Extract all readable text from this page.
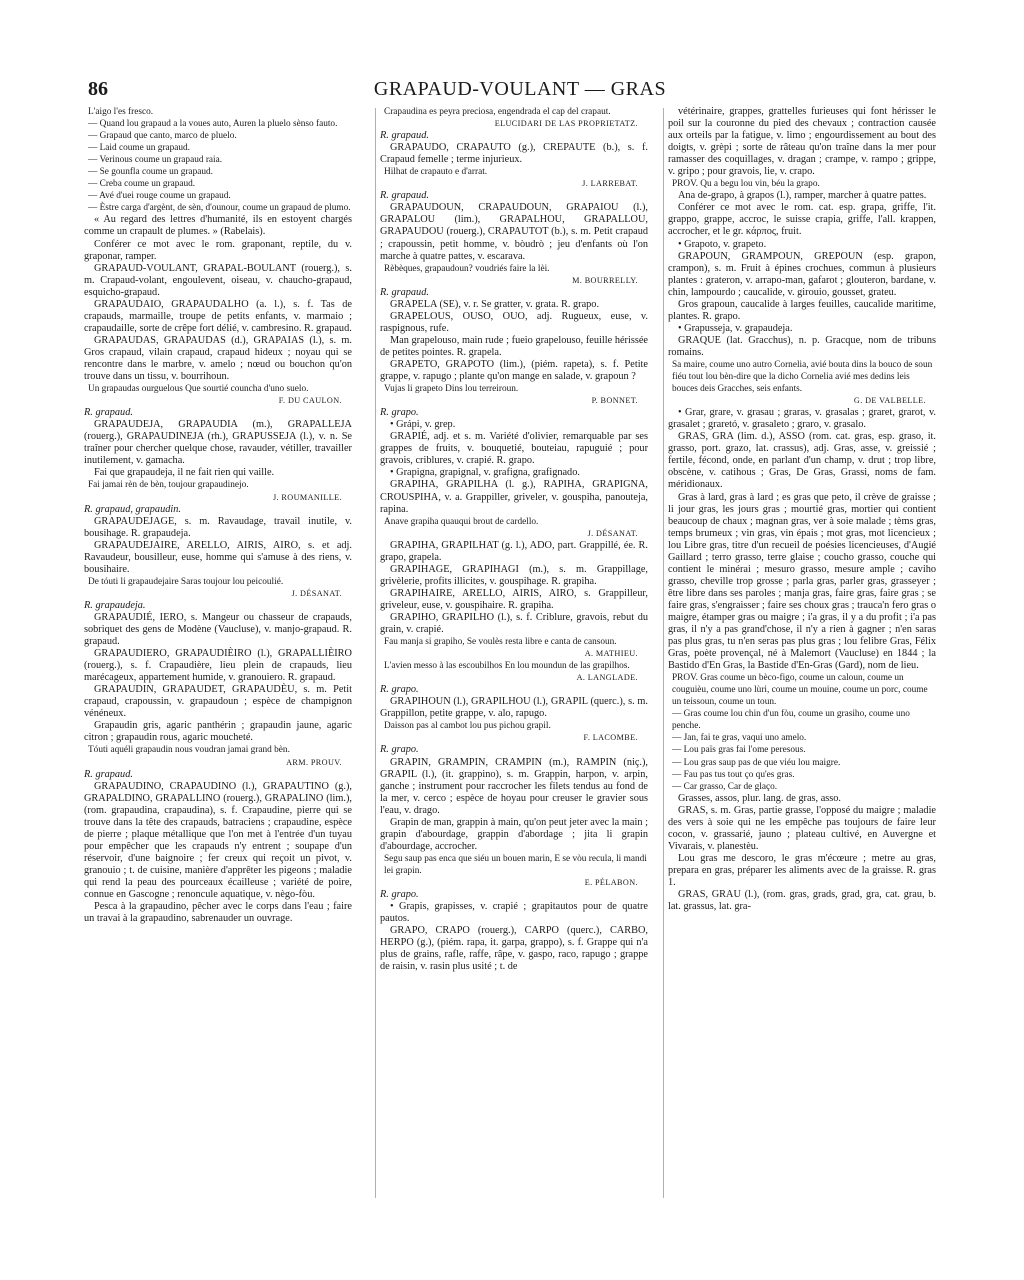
86	GRAPAUD-VOULANT — GRAS

L'aigo l'es fresco.

— Quand lou grapaud a la voues auto, Auren la pluelo sènso fauto.

— Grapaud que canto, marco de pluelo.

— Laid coume un grapaud.

— Verinous coume un grapaud raia.

— Se gounfla coume un grapaud.

— Creba coume un grapaud.

— Avé d'uei rouge coume un grapaud.

— Èstre carga d'argènt, de sèn, d'ounour, coume un grapaud de plumo.

« Au regard des lettres d'humanité, ils en estoyent chargés comme un crapault de plumes. » (Rabelais).

Conférer ce mot avec le rom. graponant, reptile, du v. graponar, ramper.

GRAPAUD-VOULANT, GRAPAL-BOULANT (rouerg.), s. m. Crapaud-volant, engoulevent, oiseau, v. chaucho-grapaud, esquicho-grapaud.

GRAPAUDAIO, GRAPAUDALHO (a. l.), s. f. Tas de crapauds, marmaille, troupe de petits enfants, v. marmaio ; crapaudaille, sorte de crêpe fort délié, v. cambresino. R. grapaud.

GRAPAUDAS, GRAPAUDAS (d.), GRAPAIAS (l.), s. m. Gros crapaud, vilain crapaud, crapaud hideux ; noyau qui se rencontre dans le marbre, v. amelo ; nœud ou bouchon qu'on trouve dans un tissu, v. bourrihoun.

Un grapaudas ourguelous Que sourtié councha d'uno suelo.

F. DU CAULON.

R. grapaud.

GRAPAUDEJA, GRAPAUDIA (m.), GRAPALLEJA (rouerg.), GRAPAUDINEJA (rh.), GRAPUSSEJA (l.), v. n. Se traîner pour chercher quelque chose, ravauder, vétiller, travailler inutilement, v. gamacha.

Fai que grapaudeja, il ne fait rien qui vaille.

Fai jamai rèn de bèn, toujour grapaudinejo.

J. ROUMANILLE.

R. grapaud, grapaudin.

GRAPAUDEJAGE, s. m. Ravaudage, travail inutile, v. bousihage. R. grapaudeja.

GRAPAUDEJAIRE, ARELLO, AIRIS, AIRO, s. et adj. Ravaudeur, bousilleur, euse, homme qui s'amuse à des riens, v. bousihaire.

De tóuti li grapaudejaire Saras toujour lou peicoulié.

J. DÉSANAT.

R. grapaudeja.

GRAPAUDIÉ, IERO, s. Mangeur ou chasseur de crapauds, sobriquet des gens de Modène (Vaucluse), v. manjo-grapaud. R. grapaud.

GRAPAUDIERO, GRAPAUDIÈIRO (l.), GRAPALLIÈIRO (rouerg.), s. f. Crapaudière, lieu plein de crapauds, lieu marécageux, appartement humide, v. granouiero. R. grapaud.

GRAPAUDIN, GRAPAUDET, GRAPAUDÈU, s. m. Petit crapaud, crapoussin, v. grapaudoun ; espèce de champignon vénéneux.

Grapaudin gris, agaric panthérin ; grapaudin jaune, agaric citron ; grapaudin rous, agaric moucheté.

Tóuti aquéli grapaudin nous voudran jamai grand bèn.

ARM. PROUV.

R. grapaud.

GRAPAUDINO, CRAPAUDINO (l.), GRAPAUTINO (g.), GRAPALDINO, GRAPALLINO (rouerg.), GRAPALINO (lim.), (rom. grapaudina, crapaudina), s. f. Crapaudine, pierre qui se trouve dans la tête des crapauds, batraciens ; crapaudine, espèce de pierre ; plaque métallique que l'on met à l'entrée d'un tuyau pour empêcher que les crapauds n'y entrent ; soupape d'un réservoir, d'une baignoire ; fer creux qui reçoit un pivot, v. granouio ; t. de cuisine, manière d'apprêter les pigeons ; maladie qui rend la peau des pourceaux écailleuse ; variété de poire, connue en Gascogne ; renoncule aquatique, v. nègo-fòu.

Pesca à la grapaudino, pêcher avec le corps dans l'eau ; faire un travai à la grapaudino, sabrenauder un ouvrage.

Crapaudina es peyra preciosa, engendrada el cap del crapaut.

ELUCIDARI DE LAS PROPRIETATZ.

R. grapaud.

GRAPAUDO, CRAPAUTO (g.), CREPAUTE (b.), s. f. Crapaud femelle ; terme injurieux.

Hilhat de crapauto e d'arrat.

J. LARREBAT.

R. grapaud.

GRAPAUDOUN, CRAPAUDOUN, GRAPAIOU (l.), GRAPALOU (lim.), GRAPALHOU, GRAPALLOU, GRAPAUDOU (rouerg.), CRAPAUTOT (b.), s. m. Petit crapaud ; crapoussin, petit homme, v. bòudrò ; jeu d'enfants où l'on marche à quatre pattes, v. escarava.

Rèbèques, grapaudoun? voudriés faire la lèi.

M. BOURRELLY.

R. grapaud.

GRAPELA (SE), v. r. Se gratter, v. grata. R. grapo.

GRAPELOUS, OUSO, OUO, adj. Rugueux, euse, v. raspignous, rufe.

Man grapelouso, main rude ; fueio grapelouso, feuille hérissée de petites pointes. R. grapela.

GRAPETO, GRAPOTO (lim.), (piém. rapeta), s. f. Petite grappe, v. rapugo ; plante qu'on mange en salade, v. grapoun ?

Vujas li grapeto Dins lou terreiroun.

P. BONNET.

R. grapo.

• Grápi, v. grep.

GRAPIÉ, adj. et s. m. Variété d'olivier, remarquable par ses grappes de fruits, v. bouquetié, bouteiau, rapuguié ; pour gravois, criblures, v. crapié. R. grapo.

• Grapigna, grapignal, v. grafigna, grafignado.

GRAPIHA, GRAPILHA (l. g.), RAPIHA, GRAPIGNA, CROUSPIHA, v. a. Grappiller, griveler, v. gouspiha, panouteja, rapina.

Anave grapiha quauqui brout de cardello.

J. DÉSANAT.

GRAPIHA, GRAPILHAT (g. l.), ADO, part. Grappillé, ée. R. grapo, grapela.

GRAPIHAGE, GRAPIHAGI (m.), s. m. Grappillage, grivèlerie, profits illicites, v. gouspihage. R. grapiha.

GRAPIHAIRE, ARELLO, AIRIS, AIRO, s. Grappilleur, griveleur, euse, v. gouspihaire. R. grapiha.

GRAPIHO, GRAPILHO (l.), s. f. Criblure, gravois, rebut du grain, v. crapié.

Fau manja si grapiho, Se voulès resta libre e canta de cansoun.

A. MATHIEU.

L'avien messo à las escoubilhos En lou moundun de las grapilhos.

A. LANGLADE.

R. grapo.

GRAPIHOUN (l.), GRAPILHOU (l.), GRAPIL (querc.), s. m. Grappillon, petite grappe, v. alo, rapugo.

Daisson pas al cambot lou pus pichou grapil.

F. LACOMBE.

R. grapo.

GRAPIN, GRAMPIN, CRAMPIN (m.), RAMPIN (niç.), GRAPIL (l.), (it. grappino), s. m. Grappin, harpon, v. arpin, ganche ; instrument pour raccrocher les filets tendus au fond de la mer, v. cerco ; espèce de hoyau pour creuser le gravier sous l'eau, v. drago.

Grapin de man, grappin à main, qu'on peut jeter avec la main ; grapin d'abourdage, grappin d'abordage ; jita li grapin d'abourdage, accrocher.

Segu saup pas enca que siéu un bouen marin, E se vòu recula, li mandi lei grapin.

E. PÉLABON.

R. grapo.

• Grapis, grapisses, v. crapié ; grapitautos pour de quatre pautos.

GRAPO, CRAPO (rouerg.), CARPO (querc.), CARBO, HERPO (g.), (piém. rapa, it. garpa, grappo), s. f. Grappe qui n'a plus de grains, rafle, raffe, râpe, v. gaspo, raco, rapugo ; grappe de raisin, v. rasin plus usité ; t. de

vétérinaire, grappes, grattelles furieuses qui font hérisser le poil sur la couronne du pied des chevaux ; contraction causée aux orteils par la fatigue, v. limo ; engourdissement au bout des doigts, v. grèpi ; sorte de râteau qu'on traîne dans la mer pour ramasser des coquillages, v. dragan ; crampe, v. rampo ; grippe, v. gripo ; pour gravois, lie, v. crapo.

PROV. Qu a begu lou vin, béu la grapo.

Ana de-grapo, à grapos (l.), ramper, marcher à quatre pattes.

Conférer ce mot avec le rom. cat. esp. grapa, griffe, l'it. grappo, grappe, accroc, le suisse crapia, griffe, l'all. krappen, accrocher, et le gr. κάρπος, fruit.

• Grapoto, v. grapeto.

GRAPOUN, GRAMPOUN, GREPOUN (esp. grapon, crampon), s. m. Fruit à épines crochues, commun à plusieurs plantes : grateron, v. arrapo-man, gafarot ; glouteron, bardane, v. chin, lampourdo ; caucalide, v. girouio, gousset, grateu.

Gros grapoun, caucalide à larges feuilles, caucalide maritime, plantes. R. grapo.

• Grapusseja, v. grapaudeja.

GRAQUE (lat. Gracchus), n. p. Gracque, nom de tribuns romains.

Sa maire, coume uno autro Cornelia, avié bouta dins la bouco de soun fiéu tout lou bèn-dire que la dicho Cornelia avié mes dedins leis bouces deis Gracches, seis enfants.

G. DE VALBELLE.

• Grar, grare, v. grasau ; graras, v. grasalas ; graret, grarot, v. grasalet ; graretó, v. grasaleto ; graro, v. grasalo.

GRAS, GRA (lim. d.), ASSO (rom. cat. gras, esp. graso, it. grasso, port. grazo, lat. crassus), adj. Gras, asse, v. greissié ; fertile, fécond, onde, en parlant d'un champ, v. drut ; trop libre, obscène, v. catihous ; Gras, De Gras, Grassi, noms de fam. méridionaux.

Gras à lard, gras à lard ; es gras que peto, il crève de graisse ; li jour gras, les jours gras ; mourtié gras, mortier qui contient beaucoup de chaux ; magnan gras, ver à soie malade ; tèms gras, temps brumeux ; vin gras, vin épais ; mot gras, mot licencieux ; lou Libre gras, titre d'un recueil de poésies licencieuses, d'Augié Gaillard ; terro grasso, terre glaise ; coucho grasso, couche qui contient le minérai ; mesuro grasso, mesure ample ; caviho grasso, cheville trop grosse ; parla gras, parler gras, grasseyer ; être libre dans ses paroles ; manja gras, faire gras, faire gras ; se faire gras, s'engraisser ; faire ses choux gras ; trauca'n fero gras o maigre, étamper gras ou maigre ; i'a gras, il y a du profit ; i'a pas gras, il n'y a pas grand'chose, il n'y a rien à gagner ; n'en saras pas plus gras, tu n'en seras pas plus gras ; lou felibre Gras, Félix Gras, poète provençal, né à Malemort (Vaucluse) en 1844 ; la Bastido d'En Gras, la Bastide d'En-Gras (Gard), nom de lieu.

PROV. Gras coume un bèco-figo, coume un caloun, coume un couguièu, coume uno lùri, coume un mouine, coume un porc, coume un teissoun, coume un toun.

— Gras coume lou chin d'un fòu, coume un grasiho, coume uno penche.

— Jan, fai te gras, vaqui uno amelo.

— Lou païs gras fai l'ome peresous.

— Lou gras saup pas de que viéu lou maigre.

— Fau pas tus tout ço qu'es gras.

— Car grasso, Car de glaço.

Grasses, assos, plur. lang. de gras, asso.

GRAS, s. m. Gras, partie grasse, l'opposé du maigre ; maladie des vers à soie qui ne les empêche pas toujours de faire leur cocon, v. grassarié, jauno ; plateau cultivé, en Auvergne et Vivarais, v. planestèu.

Lou gras me descoro, le gras m'écœure ; metre au gras, prepara en gras, préparer les aliments avec de la graisse. R. gras 1.

GRAS, GRAU (l.), (rom. gras, grads, grad, gra, cat. grau, b. lat. grassus, lat. gra-
